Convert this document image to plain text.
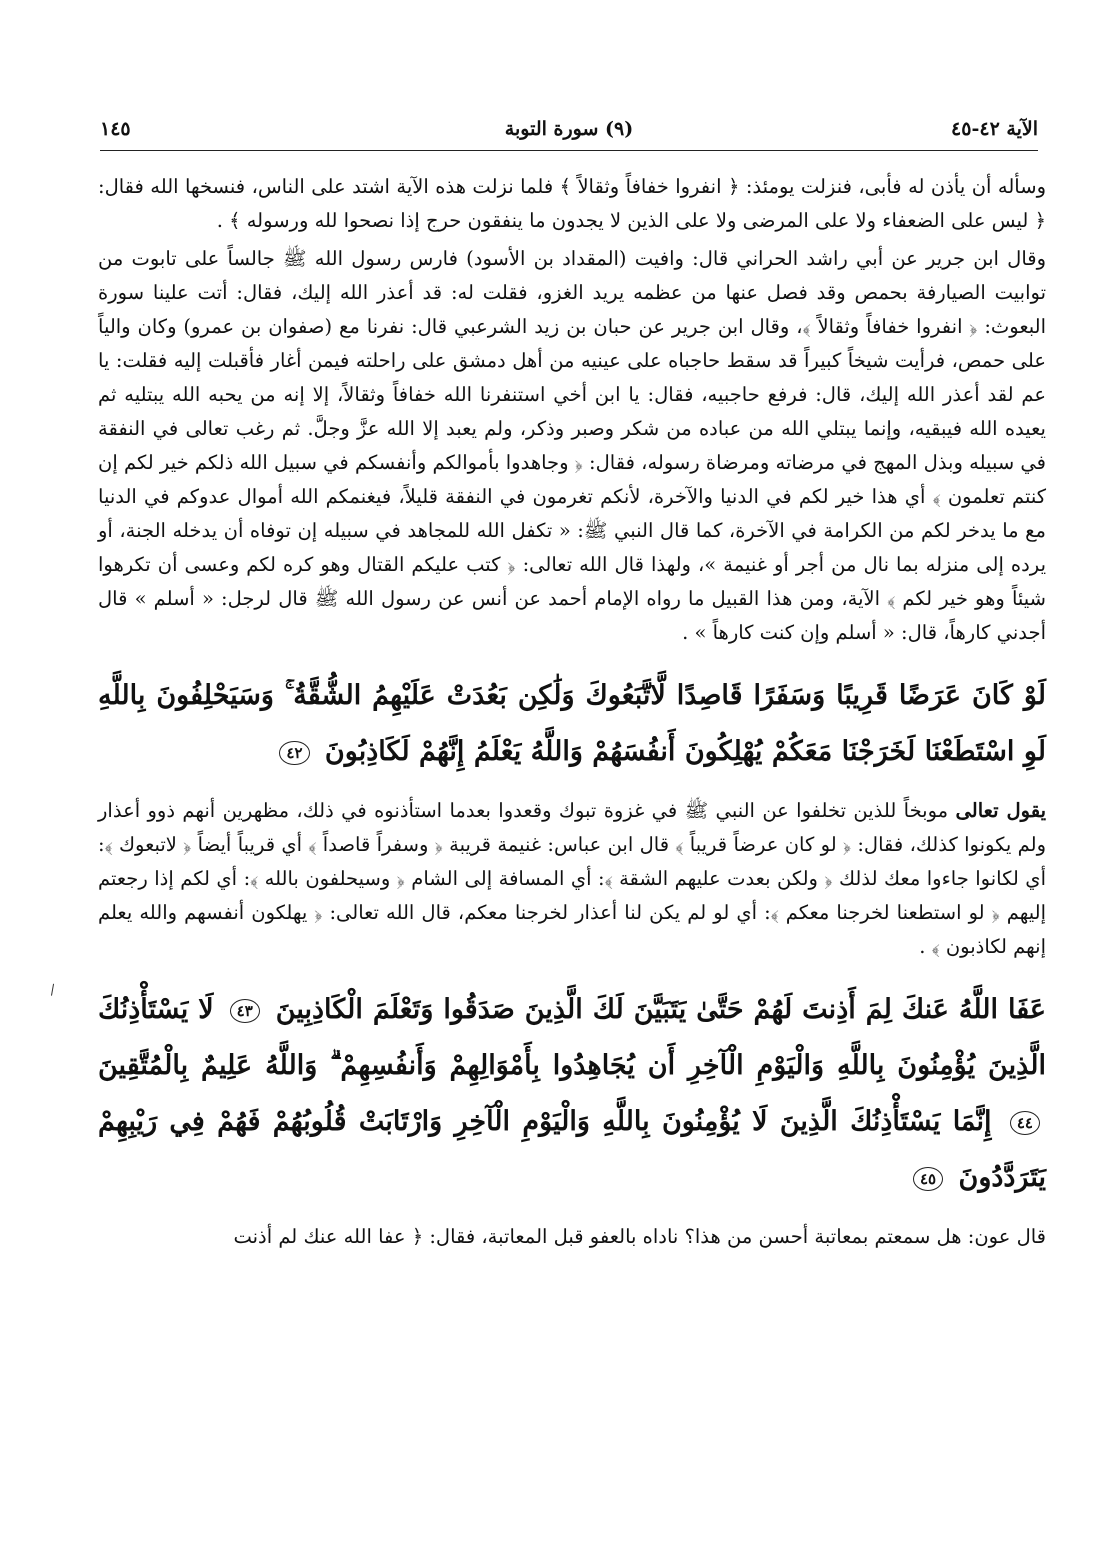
الآية ٤٢-٤٥
(٩) سورة التوبة
١٤٥

وسأله أن يأذن له فأبى، فنزلت يومئذ: ﴿ انفروا خفافاً وثقالاً ﴾ فلما نزلت هذه الآية اشتد على الناس، فنسخها الله فقال: ﴿ ليس على الضعفاء ولا على المرضى ولا على الذين لا يجدون ما ينفقون حرج إذا نصحوا لله ورسوله ﴾ .

وقال ابن جرير عن أبي راشد الحراني قال: وافيت (المقداد بن الأسود) فارس رسول الله ﷺ جالساً على تابوت من توابيت الصيارفة بحمص وقد فصل عنها من عظمه يريد الغزو، فقلت له: قد أعذر الله إليك، فقال: أتت علينا سورة البعوث: ﴿ انفروا خفافاً وثقالاً ﴾، وقال ابن جرير عن حبان بن زيد الشرعبي قال: نفرنا مع (صفوان بن عمرو) وكان والياً على حمص، فرأيت شيخاً كبيراً قد سقط حاجباه على عينيه من أهل دمشق على راحلته فيمن أغار فأقبلت إليه فقلت: يا عم لقد أعذر الله إليك، قال: فرفع حاجبيه، فقال: يا ابن أخي استنفرنا الله خفافاً وثقالاً، إلا إنه من يحبه الله يبتليه ثم يعيده الله فيبقيه، وإنما يبتلي الله من عباده من شكر وصبر وذكر، ولم يعبد إلا الله عزَّ وجلَّ. ثم رغب تعالى في النفقة في سبيله وبذل المهج في مرضاته ومرضاة رسوله، فقال: ﴿ وجاهدوا بأموالكم وأنفسكم في سبيل الله ذلكم خير لكم إن كنتم تعلمون ﴾ أي هذا خير لكم في الدنيا والآخرة، لأنكم تغرمون في النفقة قليلاً، فيغنمكم الله أموال عدوكم في الدنيا مع ما يدخر لكم من الكرامة في الآخرة، كما قال النبي ﷺ: « تكفل الله للمجاهد في سبيله إن توفاه أن يدخله الجنة، أو يرده إلى منزله بما نال من أجر أو غنيمة »، ولهذا قال الله تعالى: ﴿ كتب عليكم القتال وهو كره لكم وعسى أن تكرهوا شيئاً وهو خير لكم ﴾ الآية، ومن هذا القبيل ما رواه الإمام أحمد عن أنس عن رسول الله ﷺ قال لرجل: « أسلم » قال أجدني كارهاً، قال: « أسلم وإن كنت كارهاً » .

لَوْ كَانَ عَرَضًا قَرِيبًا وَسَفَرًا قَاصِدًا لَّاتَّبَعُوكَ وَلَٰكِن بَعُدَتْ عَلَيْهِمُ الشُّقَّةُ ۚ وَسَيَحْلِفُونَ بِاللَّهِ لَوِ اسْتَطَعْنَا لَخَرَجْنَا مَعَكُمْ يُهْلِكُونَ أَنفُسَهُمْ وَاللَّهُ يَعْلَمُ إِنَّهُمْ لَكَاذِبُونَ ٤٢

يقول تعالى موبخاً للذين تخلفوا عن النبي ﷺ في غزوة تبوك وقعدوا بعدما استأذنوه في ذلك، مظهرين أنهم ذوو أعذار ولم يكونوا كذلك، فقال: ﴿ لو كان عرضاً قريباً ﴾ قال ابن عباس: غنيمة قريبة ﴿ وسفراً قاصداً ﴾ أي قريباً أيضاً ﴿ لاتبعوك ﴾: أي لكانوا جاءوا معك لذلك ﴿ ولكن بعدت عليهم الشقة ﴾: أي المسافة إلى الشام ﴿ وسيحلفون بالله ﴾: أي لكم إذا رجعتم إليهم ﴿ لو استطعنا لخرجنا معكم ﴾: أي لو لم يكن لنا أعذار لخرجنا معكم، قال الله تعالى: ﴿ يهلكون أنفسهم والله يعلم إنهم لكاذبون ﴾ .

عَفَا اللَّهُ عَنكَ لِمَ أَذِنتَ لَهُمْ حَتَّىٰ يَتَبَيَّنَ لَكَ الَّذِينَ صَدَقُوا وَتَعْلَمَ الْكَاذِبِينَ ٤٣ لَا يَسْتَأْذِنُكَ الَّذِينَ يُؤْمِنُونَ بِاللَّهِ وَالْيَوْمِ الْآخِرِ أَن يُجَاهِدُوا بِأَمْوَالِهِمْ وَأَنفُسِهِمْ ۗ وَاللَّهُ عَلِيمٌ بِالْمُتَّقِينَ ٤٤ إِنَّمَا يَسْتَأْذِنُكَ الَّذِينَ لَا يُؤْمِنُونَ بِاللَّهِ وَالْيَوْمِ الْآخِرِ وَارْتَابَتْ قُلُوبُهُمْ فَهُمْ فِي رَيْبِهِمْ يَتَرَدَّدُونَ ٤٥

قال عون: هل سمعتم بمعاتبة أحسن من هذا؟ ناداه بالعفو قبل المعاتبة، فقال: ﴿ عفا الله عنك لم أذنت
